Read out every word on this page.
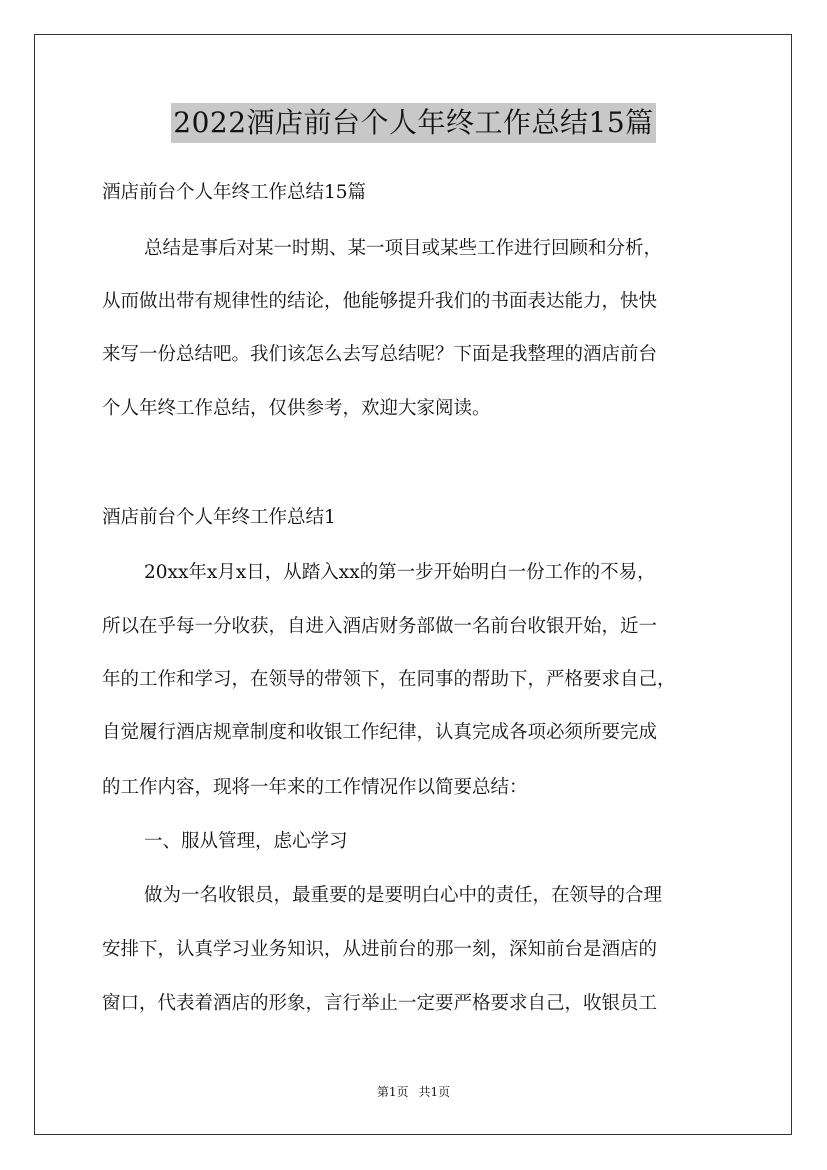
2022酒店前台个人年终工作总结15篇
酒店前台个人年终工作总结15篇
总结是事后对某一时期、某一项目或某些工作进行回顾和分析，
从而做出带有规律性的结论，他能够提升我们的书面表达能力，快快
来写一份总结吧。我们该怎么去写总结呢？下面是我整理的酒店前台
个人年终工作总结，仅供参考，欢迎大家阅读。
酒店前台个人年终工作总结1
20xx年x月x日，从踏入xx的第一步开始明白一份工作的不易，
所以在乎每一分收获，自进入酒店财务部做一名前台收银开始，近一
年的工作和学习，在领导的带领下，在同事的帮助下，严格要求自己，
自觉履行酒店规章制度和收银工作纪律，认真完成各项必须所要完成
的工作内容，现将一年来的工作情况作以简要总结：
一、服从管理，虑心学习
做为一名收银员，最重要的是要明白心中的责任，在领导的合理
安排下，认真学习业务知识，从进前台的那一刻，深知前台是酒店的
窗口，代表着酒店的形象，言行举止一定要严格要求自己，收银员工
第1页 共1页
